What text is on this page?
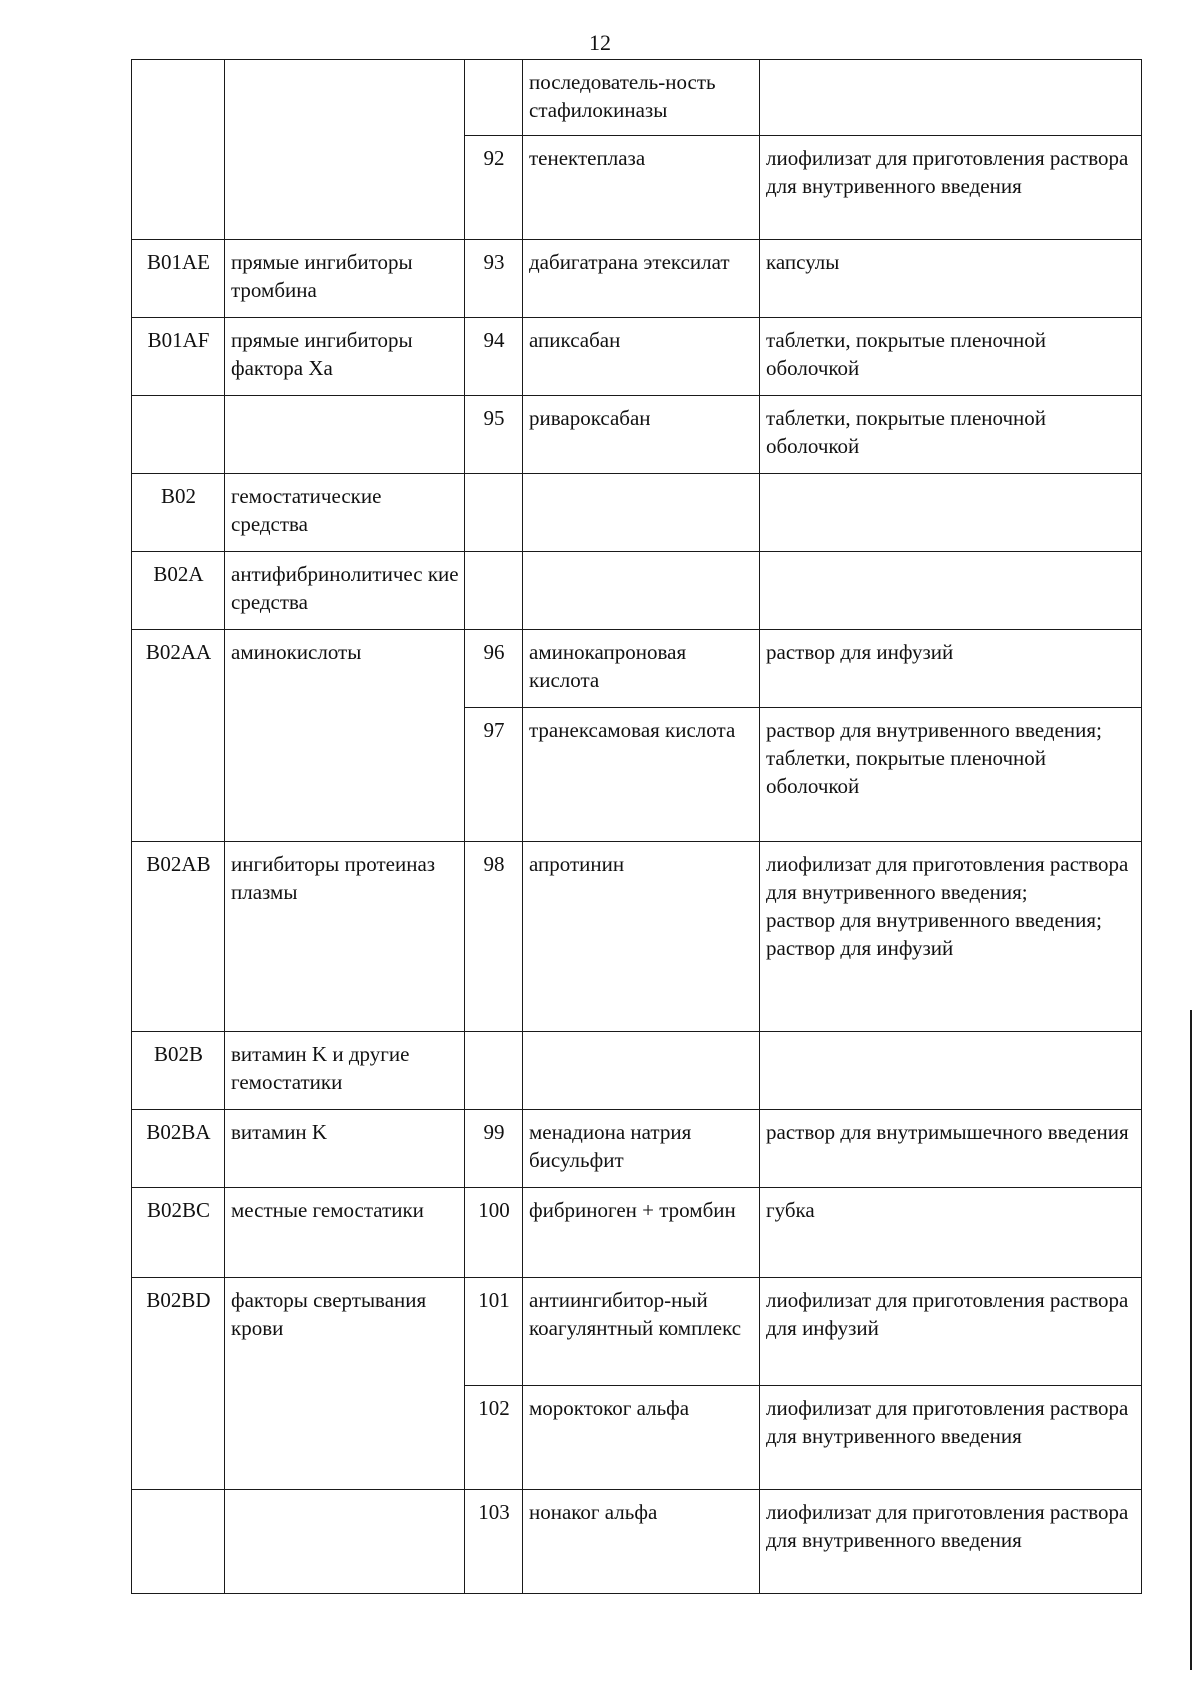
12
			последователь-ность стафилокиназы	
		92	тенектеплаза	лиофилизат для приготовления раствора для внутривенного введения
B01AE	прямые ингибиторы тромбина	93	дабигатрана этексилат	капсулы
B01AF	прямые ингибиторы фактора Xa	94	апиксабан	таблетки, покрытые пленочной оболочкой
		95	ривароксабан	таблетки, покрытые пленочной оболочкой
B02	гемостатические средства			
B02A	антифибринолитичес кие средства			
B02AA	аминокислоты	96	аминокапроновая кислота	раствор для инфузий
		97	транексамовая кислота	раствор для внутривенного введения;
таблетки, покрытые пленочной оболочкой

B02AB	ингибиторы протеиназ плазмы	98	апротинин	лиофилизат для приготовления раствора для внутривенного введения;
раствор для внутривенного введения;
раствор для инфузий

B02B	витамин K и другие гемостатики			
B02BA	витамин K	99	менадиона натрия бисульфит	раствор для внутримышечного введения
B02BC	местные гемостатики	100	фибриноген + тромбин	губка
B02BD	факторы свертывания крови	101	антиингибитор-ный коагулянтный комплекс	лиофилизат для приготовления раствора для инфузий
		102	мороктоког альфа	лиофилизат для приготовления раствора для внутривенного введения
		103	нонаког альфа	лиофилизат для приготовления раствора для внутривенного введения
